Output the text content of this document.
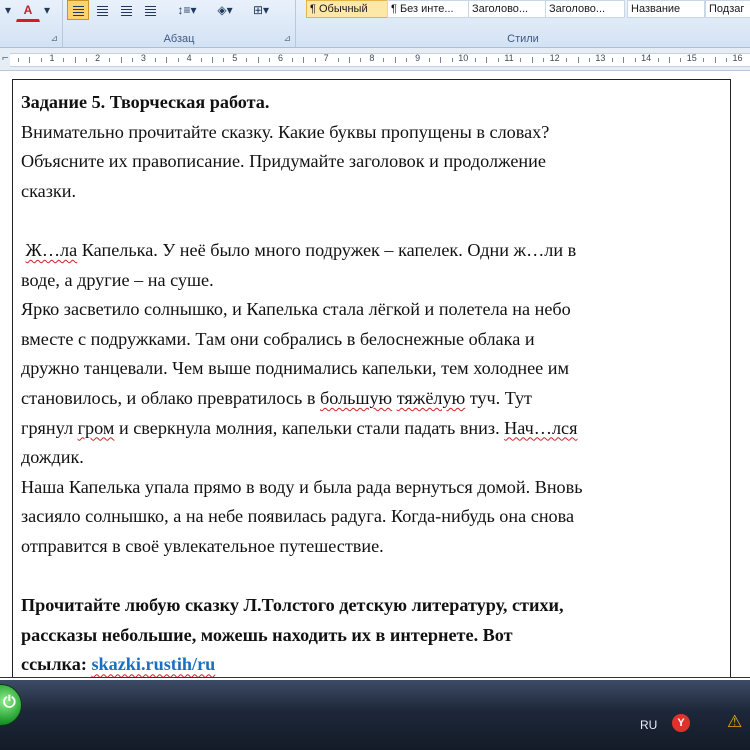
▾	A ▾
⊿
↕≡▾	◈▾	⊞▾
Абзац	⊿
¶ Обычный	¶ Без инте...	Заголово...	Заголово...	Название	Подзаг
Стили
⌐	1	2	3	4	5	6	7	8	9	10	11	12	13	14	15	16

Задание 5. Творческая работа.

Внимательно прочитайте сказку. Какие буквы пропущены в словах?

Объясните их правописание. Придумайте заголовок и продолжение

сказки.

Ж…ла Капелька. У неё было много подружек – капелек. Одни ж…ли в

воде, а другие – на суше.

Ярко засветило солнышко, и Капелька стала лёгкой и полетела на небо

вместе с подружками. Там они собрались в белоснежные облака и

дружно танцевали. Чем выше поднимались капельки, тем холоднее им

становилось, и облако превратилось в большую тяжёлую туч. Тут

грянул гром и сверкнула молния, капельки стали падать вниз. Нач…лся

дождик.

Наша Капелька упала прямо в воду и была рада вернуться домой. Вновь

засияло солнышко, а на небе появилась радуга. Когда-нибудь она снова

отправится в своё увлекательное путешествие.

Прочитайте любую сказку Л.Толстого детскую литературу, стихи,

рассказы небольшие, можешь находить их в интернете. Вот

ссылка: skazki.rustih/ru

⏻
RU	Y	⚠
